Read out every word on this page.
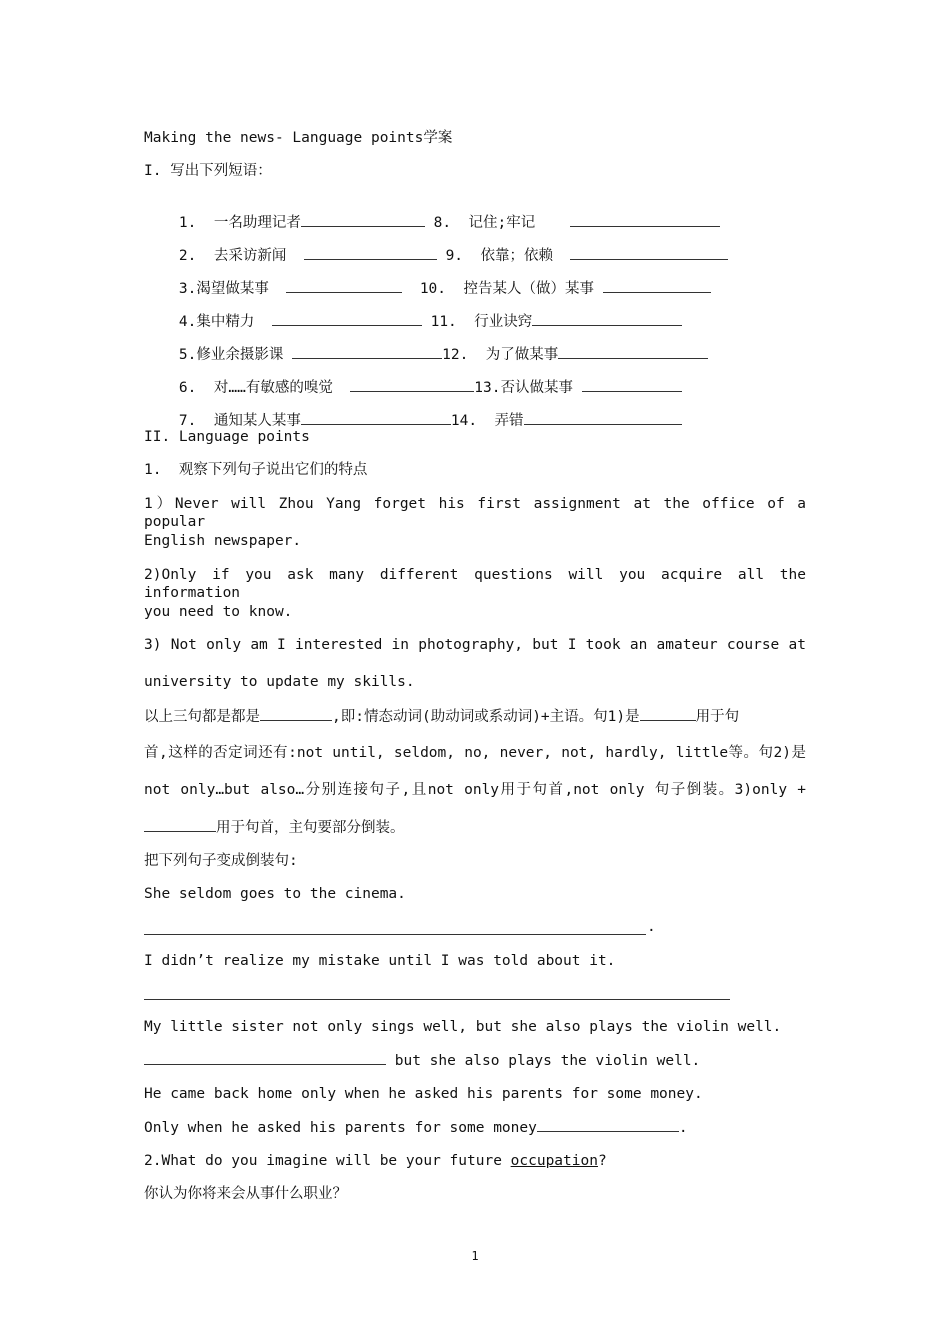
Making the news- Language points学案
I. 写出下列短语：

1. 一名助理记者	8. 记住;牢记

2. 去采访新闻	9. 依靠；依赖

3.渴望做某事	10. 控告某人（做）某事

4.集中精力	11. 行业诀窍

5.修业余摄影课	12. 为了做某事

6. 对……有敏感的嗅觉	13.否认做某事

7. 通知某人某事	14. 弄错

II. Language points
1.  观察下列句子说出它们的特点
1）Never will Zhou Yang forget his first assignment at the office of a popular
English newspaper.
2)Only if you ask many different questions will you acquire all the information
you need to know.
3) Not only am I interested in photography, but I took an amateur course at
university to update my skills.
以上三句都是都是	,即:情态动词(助动词或系动词)+主语。句1)是	用于句
首,这样的否定词还有:not until, seldom, no, never, not, hardly, little等。句2)是
not only…but also…分别连接句子,且not only用于句首,not only 句子倒装。3)only +
用于句首，主句要部分倒装。
把下列句子变成倒装句:
She seldom goes to the cinema.
.
I didn’t realize my mistake until I was told about it.
My little sister not only sings well, but she also plays the violin well.
but she also plays the violin well.
He came back home only when he asked his parents for some money.
Only when he asked his parents for some money	.
2.What do you imagine will be your future occupation?
你认为你将来会从事什么职业？
1
